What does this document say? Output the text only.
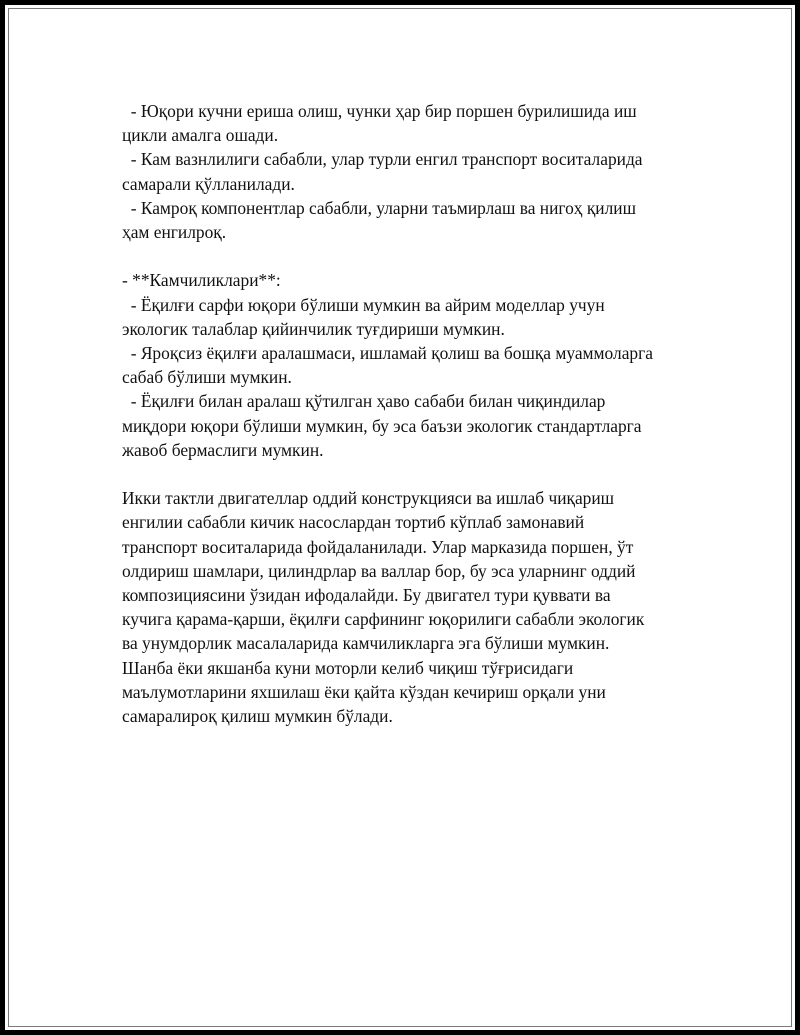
- Юқори кучни ериша олиш, чунки ҳар бир поршен бурилишида иш
цикли амалга ошади.
- Кам вазнлилиги сабабли, улар турли енгил транспорт воситаларида
самарали қўлланилади.
- Камроқ компонентлар сабабли, уларни таъмирлаш ва нигоҳ қилиш
ҳам енгилроқ.
- **Камчиликлари**:
- Ёқилғи сарфи юқори бўлиши мумкин ва айрим моделлар учун
экологик талаблар қийинчилик туғдириши мумкин.
- Яроқсиз ёқилғи аралашмаси, ишламай қолиш ва бошқа муаммоларга
сабаб бўлиши мумкин.
- Ёқилғи билан аралаш қўтилган ҳаво сабаби билан чиқиндилар
миқдори юқори бўлиши мумкин, бу эса баъзи экологик стандартларга
жавоб бермаслиги мумкин.
Икки тактли двигателлар оддий конструкцияси ва ишлаб чиқариш
енгилии сабабли кичик насослардан тортиб кўплаб замонавий
транспорт воситаларида фойдаланилади. Улар марказида поршен, ўт
олдириш шамлари, цилиндрлар ва валлар бор, бу эса уларнинг оддий
композициясини ўзидан ифодалайди. Бу двигател тури қуввати ва
кучига қарама-қарши, ёқилғи сарфининг юқорилиги сабабли экологик
ва унумдорлик масалаларида камчиликларга эга бўлиши мумкин.
Шанба ёки якшанба куни моторли келиб чиқиш тўғрисидаги
маълумотларини яхшилаш ёки қайта кўздан кечириш орқали уни
самаралироқ қилиш мумкин бўлади.
